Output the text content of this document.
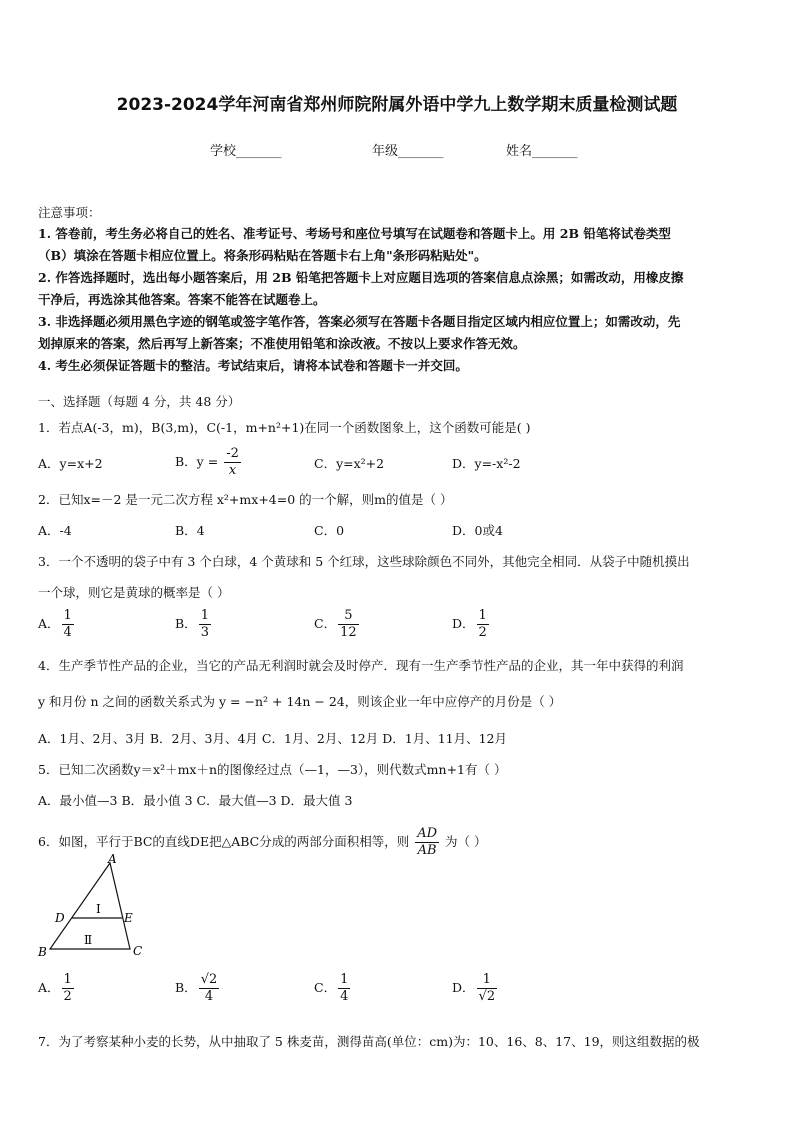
2023-2024学年河南省郑州师院附属外语中学九上数学期末质量检测试题
学校_______	年级_______	姓名_______
注意事项：
1. 答卷前，考生务必将自己的姓名、准考证号、考场号和座位号填写在试题卷和答题卡上。用 2B 铅笔将试卷类型
（B）填涂在答题卡相应位置上。将条形码粘贴在答题卡右上角"条形码粘贴处"。
2. 作答选择题时，选出每小题答案后，用 2B 铅笔把答题卡上对应题目选项的答案信息点涂黑；如需改动，用橡皮擦
干净后，再选涂其他答案。答案不能答在试题卷上。
3. 非选择题必须用黑色字迹的钢笔或签字笔作答，答案必须写在答题卡各题目指定区域内相应位置上；如需改动，先
划掉原来的答案，然后再写上新答案；不准使用铅笔和涂改液。不按以上要求作答无效。
4. 考生必须保证答题卡的整洁。考试结束后，请将本试卷和答题卡一并交回。
一、选择题（每题 4 分，共 48 分）
1．若点A(-3，m)，B(3,m)，C(-1，m+n²+1)在同一个函数图象上，这个函数可能是( )
A．y=x+2	B．$y = \frac{-2}{x}$	C．y=x²+2	D．y=-x²-2
2．已知x=－2 是一元二次方程 x²+mx+4=0 的一个解，则m的值是（ ）
A．-4	B．4	C．0	D．0或4
3．一个不透明的袋子中有 3 个白球，4 个黄球和 5 个红球，这些球除颜色不同外，其他完全相同．从袋子中随机摸出
一个球，则它是黄球的概率是（ ）
A． $\frac{1}{4}$	B． $\frac{1}{3}$	C． $\frac{5}{12}$	D． $\frac{1}{2}$
4．生产季节性产品的企业，当它的产品无利润时就会及时停产．现有一生产季节性产品的企业，其一年中获得的利润
y 和月份 n 之间的函数关系式为 y = −n² + 14n − 24，则该企业一年中应停产的月份是（ ）
A．1月、2月、3月 B．2月、3月、4月 C．1月、2月、12月 D．1月、11月、12月
5．已知二次函数y＝x²＋mx＋n的图像经过点（—1，—3），则代数式mn+1有（ ）
A．最小值—3 B．最小值 3 C．最大值—3 D．最大值 3
6．如图，平行于BC的直线DE把△ABC分成的两部分面积相等，则 $\frac{AD}{AB}$ 为（ ）
A
B	C
D	E
Ⅰ
Ⅱ
A． $\frac{1}{2}$	B． $\frac{√2}{4}$	C． $\frac{1}{4}$	D． $\frac{1}{√2}$
7．为了考察某种小麦的长势，从中抽取了 5 株麦苗，测得苗高(单位：cm)为：10、16、8、17、19，则这组数据的极
